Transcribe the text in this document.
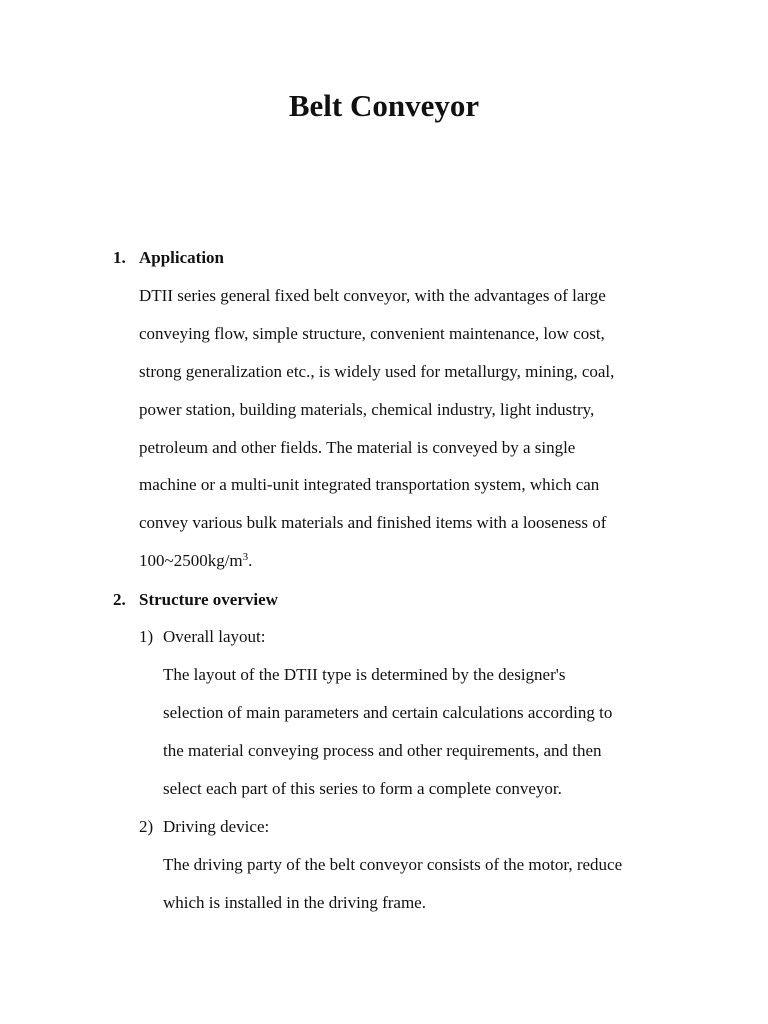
Belt Conveyor
1. Application
DTII series general fixed belt conveyor, with the advantages of large
conveying flow, simple structure, convenient maintenance, low cost,
strong generalization etc., is widely used for metallurgy, mining, coal,
power station, building materials, chemical industry, light industry,
petroleum and other fields. The material is conveyed by a single
machine or a multi-unit integrated transportation system, which can
convey various bulk materials and finished items with a looseness of
$100\sim 2500kg/m^3$.
2. Structure overview
1) Overall layout:
The layout of the DTII type is determined by the designer's
selection of main parameters and certain calculations according to
the material conveying process and other requirements, and then
select each part of this series to form a complete conveyor.
2) Driving device:
The driving party of the belt conveyor consists of the motor, reduce
which is installed in the driving frame.
